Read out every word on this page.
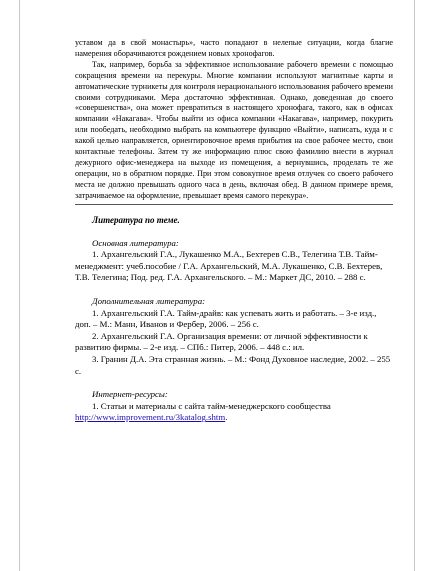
уставом да в свой монастырь», часто попадают в нелепые ситуации, когда благие намерения оборачиваются рождением новых хронофагов.

Так, например, борьба за эффективное использование рабочего времени с помощью сокращения времени на перекуры. Многие компании используют магнитные карты и автоматические турникеты для контроля нерационального использования рабочего времени своими сотрудниками. Мера достаточно эффективная. Однако, доведенная до своего «совершенства», она может превратиться в настоящего хронофага, такого, как в офисах компании «Накагава». Чтобы выйти из офиса компании «Накагава», например, покурить или пообедать, необходимо выбрать на компьютере функцию «Выйти», написать, куда и с какой целью направляется, ориентировочное время прибытия на свое рабочее место, свои контактные телефоны. Затем ту же информацию плюс свою фамилию внести в журнал дежурного офис-менеджера на выходе из помещения, а вернувшись, проделать те же операции, но в обратном порядке. При этом совокупное время отлучек со своего рабочего места не должно превышать одного часа в день, включая обед. В данном примере время, затрачиваемое на оформление, превышает время самого перекура».

Литература по теме.

Основная литература:

1. Архангельский Г.А., Лукашенко М.А., Бехтерев С.В., Телегина Т.В. Тайм-менеджмент: учеб.пособие / Г.А. Архангельский, М.А. Лукашенко, С.В. Бехтерев, Т.В. Телегина; Под. ред. Г.А. Архангельского. – М.: Маркет ДС, 2010. – 288 с.

Дополнительная литература:

1. Архангельский Г.А. Тайм-драйв: как успевать жить и работать. – 3-е изд., доп. – М.: Манн, Иванов и Фербер, 2006. – 256 с.

2. Архангельский Г.А. Организация времени: от личной эффективности к развитию фирмы. – 2-е изд. – СПб.: Питер, 2006. – 448 с.: ил.

3. Гранин Д.А. Эта странная жизнь. – М.: Фонд Духовное наследие, 2002. – 255 с.

Интернет-ресурсы:

1. Статьи и материалы с сайта тайм-менеджерского сообщества http://www.improvement.ru/3katalog.shtm.
